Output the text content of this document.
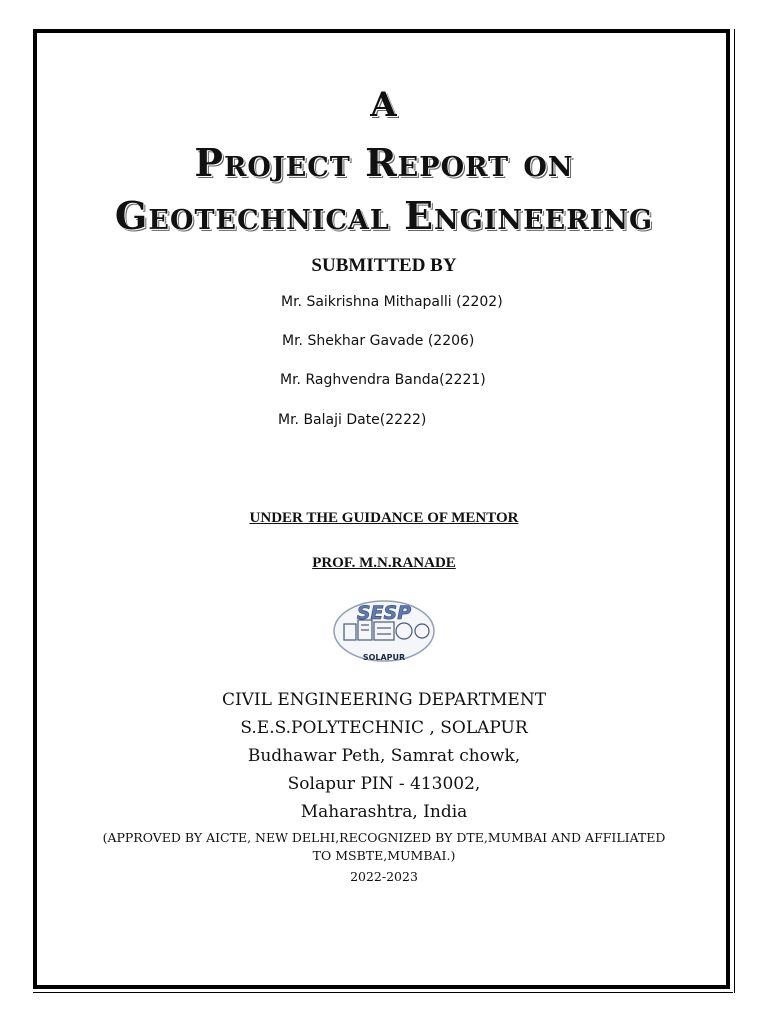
A
Project Report on
Geotechnical Engineering
SUBMITTED BY
Mr. Saikrishna Mithapalli (2202)
Mr. Shekhar Gavade (2206)
Mr. Raghvendra Banda(2221)
Mr. Balaji Date(2222)
UNDER THE GUIDANCE OF MENTOR
PROF. M.N.RANADE
SESP
SOLAPUR
CIVIL ENGINEERING DEPARTMENT
S.E.S.POLYTECHNIC , SOLAPUR
Budhawar Peth, Samrat chowk,
Solapur PIN - 413002,
Maharashtra, India
(APPROVED BY AICTE, NEW DELHI,RECOGNIZED BY DTE,MUMBAI AND AFFILIATED
TO MSBTE,MUMBAI.)
2022-2023
